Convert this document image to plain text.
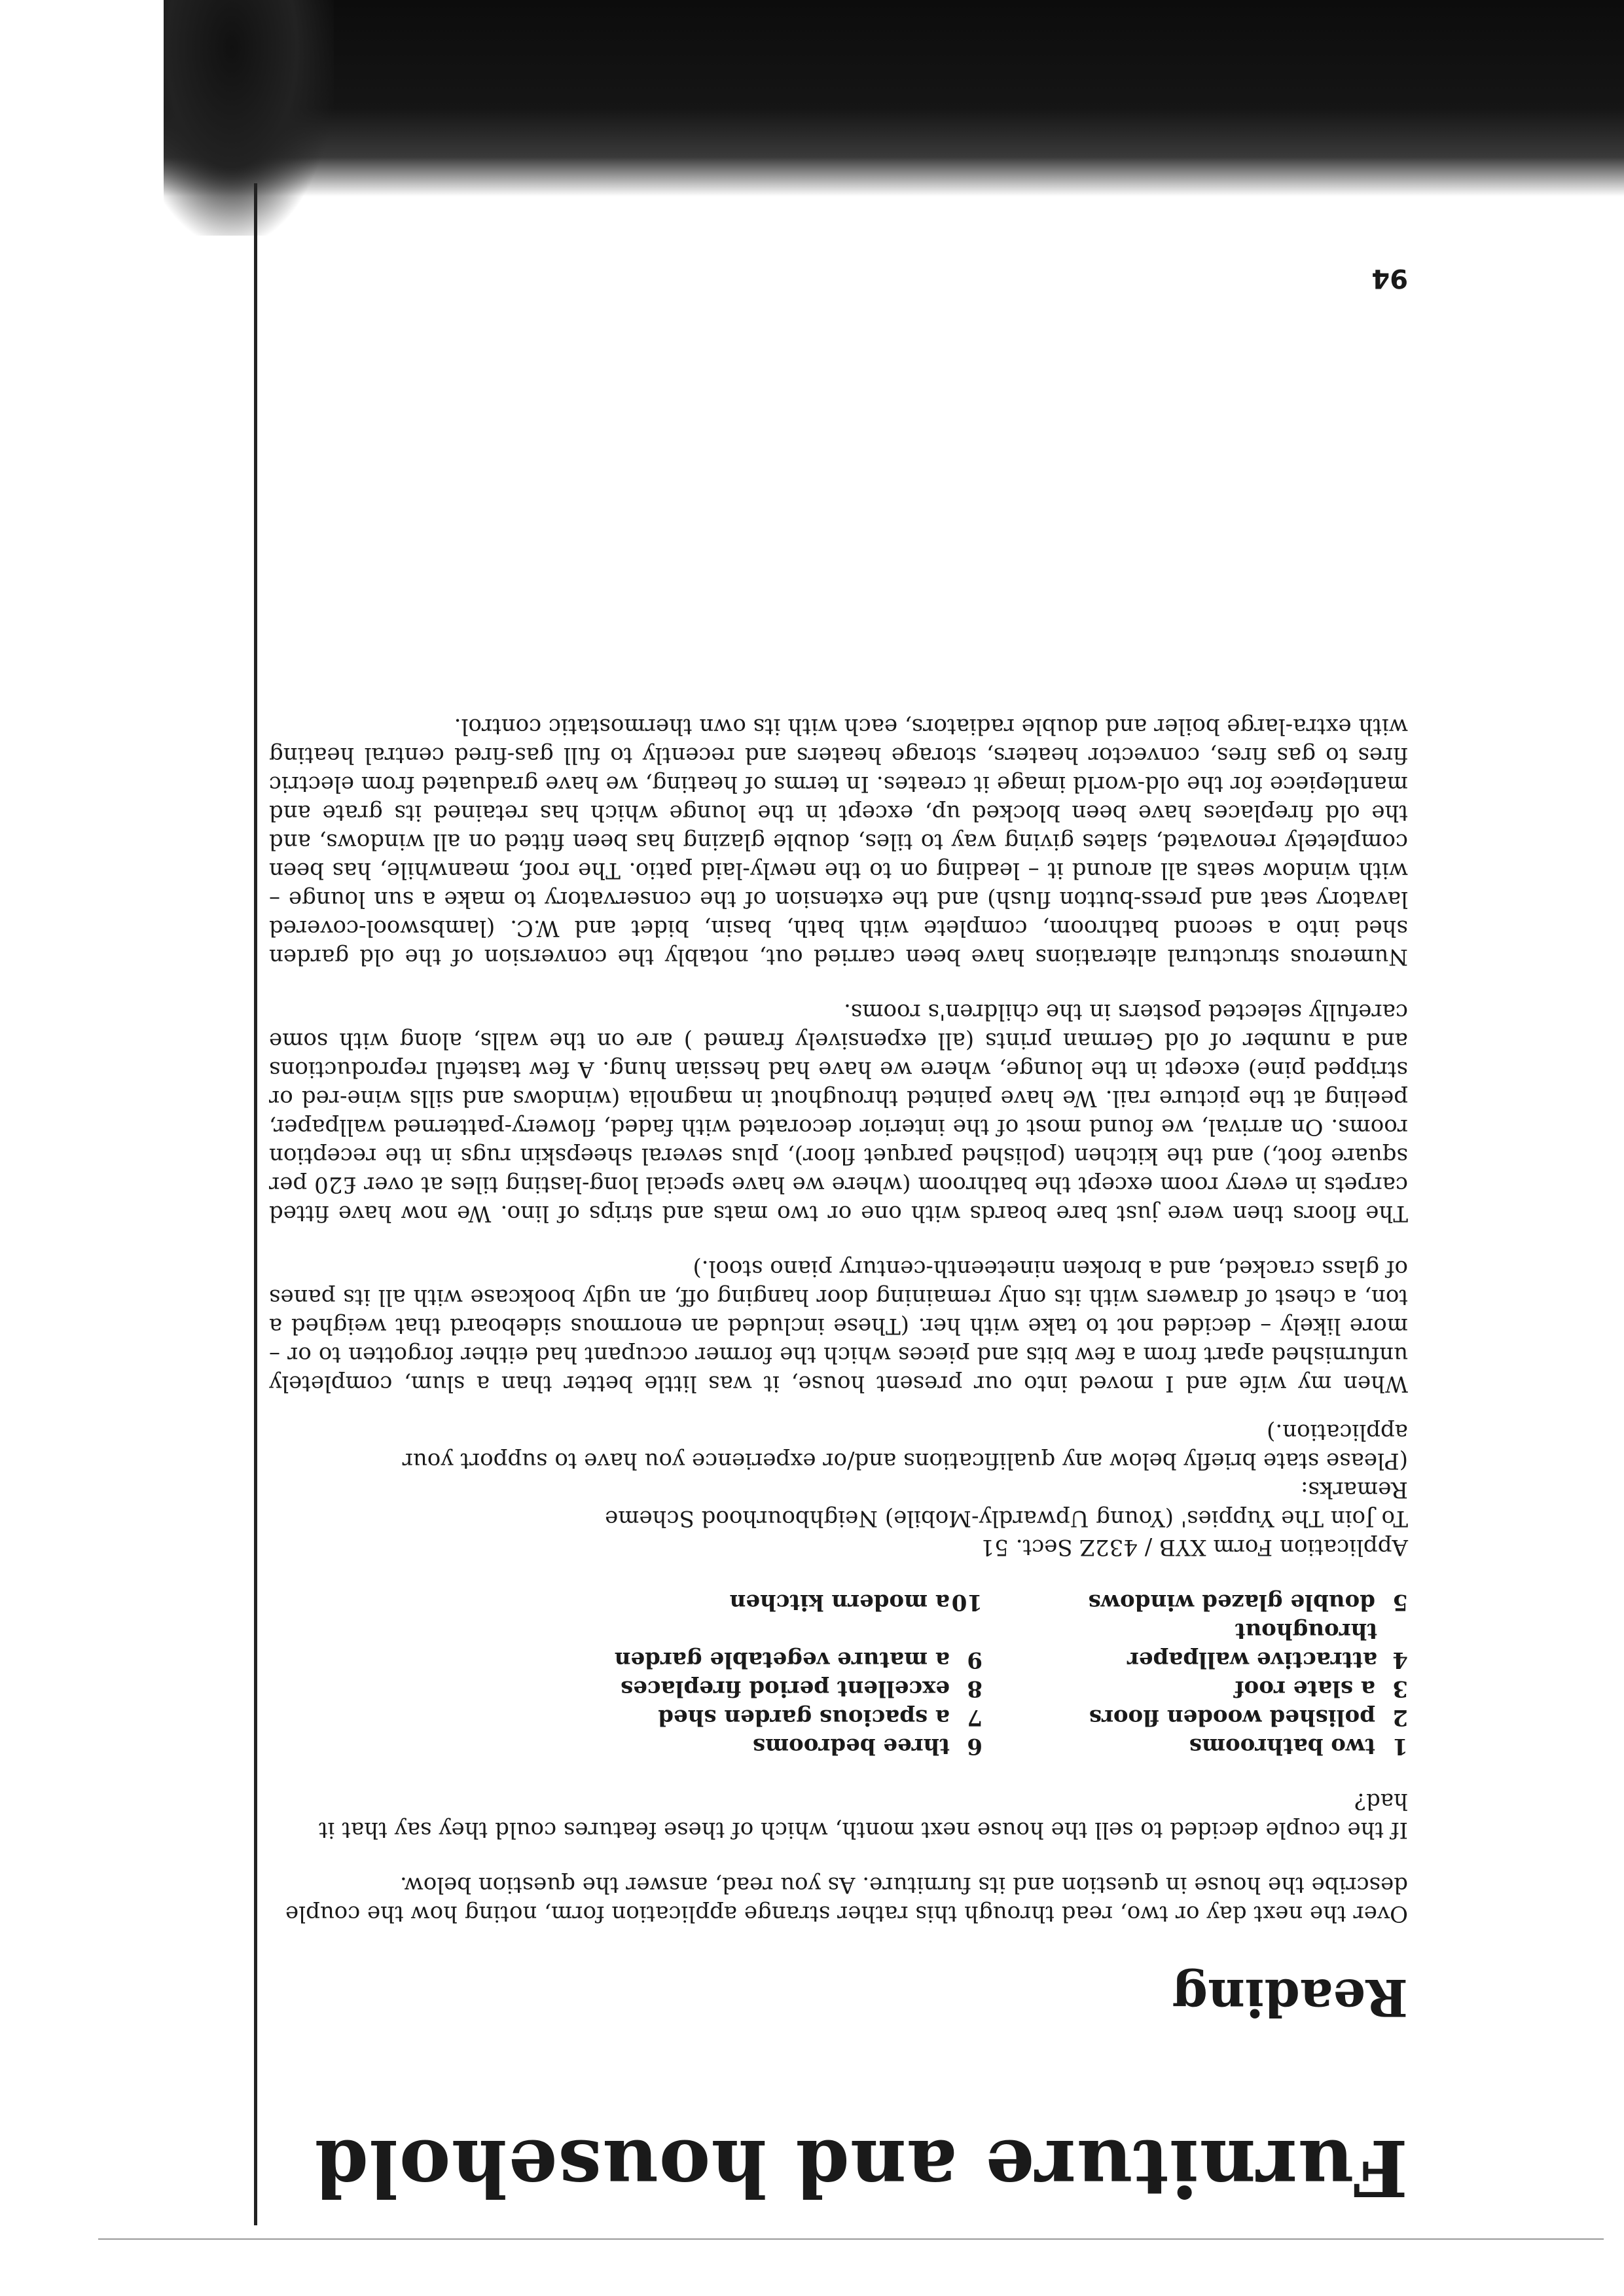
Furniture and household
Reading

Over the next day or two, read through this rather strange application form, noting how the couple describe the house in question and its furniture. As you read, answer the question below.

If the couple decided to sell the house next month, which of these features could they say that it had?

1
two bathrooms
6
three bedrooms
2
polished wooden floors
7
a spacious garden shed
3
a slate roof
8
excellent period fireplaces
4
attractive wallpaper throughout
9
a mature vegetable garden
5
double glazed windows
10
a modern kitchen
Application Form XYB / 432Z Sect. 51
To Join The Yuppies' (Young Upwardly-Mobile) Neighbourhood Scheme
Remarks:
(Please state briefly below any qualifications and/or experience you have to support your application.)

When my wife and I moved into our present house, it was little better than a slum, completely unfurnished apart from a few bits and pieces which the former occupant had either forgotten to or – more likely – decided not to take with her. (These included an enormous sideboard that weighed a ton, a chest of drawers with its only remaining door hanging off, an ugly bookcase with all its panes of glass cracked, and a broken nineteenth-century piano stool.)

The floors then were just bare boards with one or two mats and strips of lino. We now have fitted carpets in every room except the bathroom (where we have special long-lasting tiles at over £20 per square foot,) and the kitchen (polished parquet floor), plus several sheepskin rugs in the reception rooms. On arrival, we found most of the interior decorated with faded, flowery-patterned wallpaper, peeling at the picture rail. We have painted throughout in magnolia (windows and sills wine-red or stripped pine) except in the lounge, where we have had hessian hung. A few tasteful reproductions and a number of old German prints (all expensively framed ) are on the walls, along with some carefully selected posters in the children's rooms.

Numerous structural alterations have been carried out, notably the conversion of the old garden shed into a second bathroom, complete with bath, basin, bidet and W.C. (lambswool-covered lavatory seat and press-button flush) and the extension of the conservatory to make a sun lounge – with window seats all around it – leading on to the newly-laid patio. The roof, meanwhile, has been completely renovated, slates giving way to tiles, double glazing has been fitted on all windows, and the old fireplaces have been blocked up, except in the lounge which has retained its grate and mantlepiece for the old-world image it creates. In terms of heating, we have graduated from electric fires to gas fires, convector heaters, storage heaters and recently to full gas-fired central heating with extra-large boiler and double radiators, each with its own thermostatic control.

94
